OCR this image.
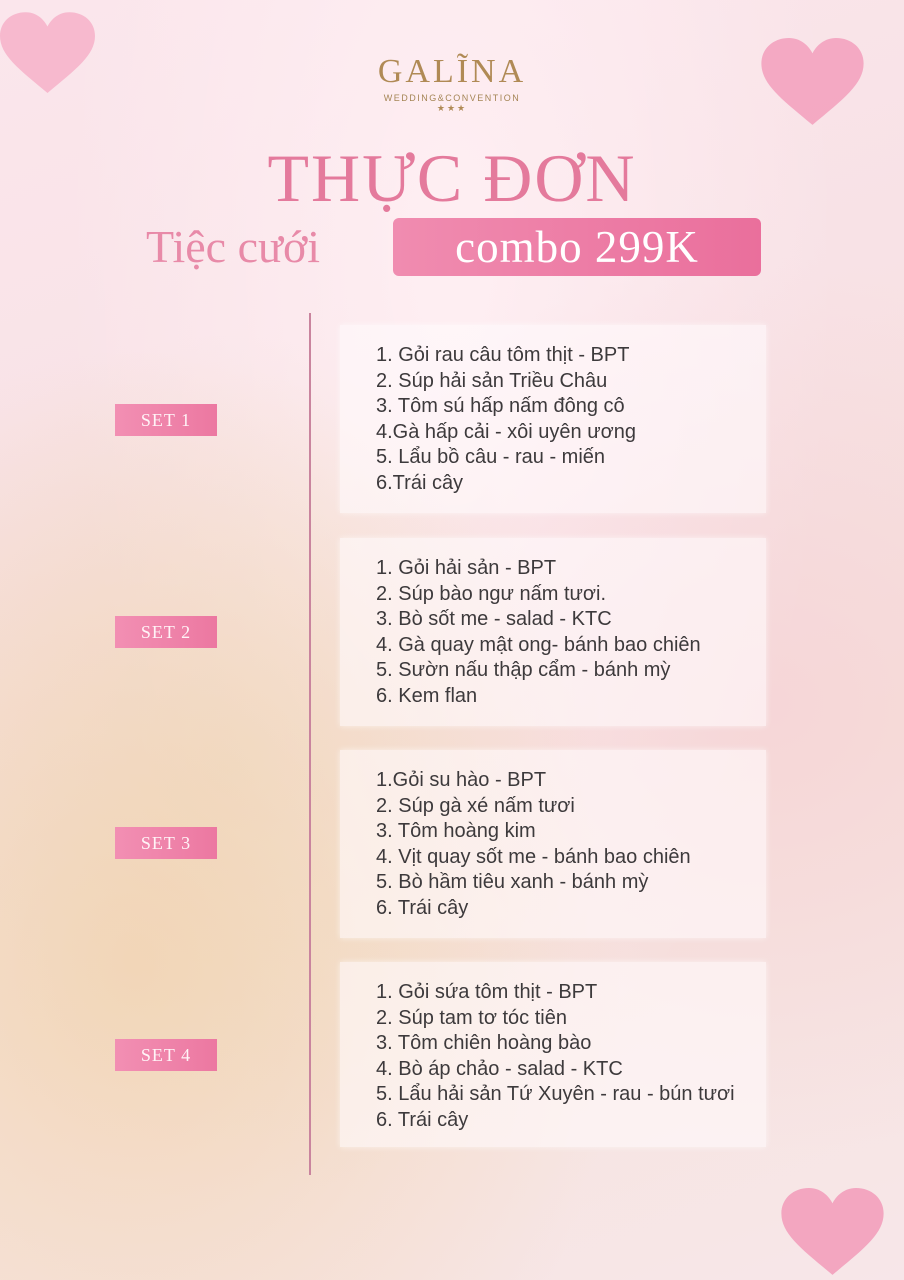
GALĨNA
WEDDING&CONVENTION
★★★
THỰC ĐƠN
Tiệc cưới	combo 299K
SET 1
1. Gỏi rau câu tôm thịt - BPT
2. Súp hải sản Triều Châu
3. Tôm sú hấp nấm đông cô
4.Gà hấp cải - xôi uyên ương
5. Lẩu bồ câu - rau - miến
6.Trái cây
SET 2
1. Gỏi hải sản - BPT
2. Súp bào ngư nấm tươi.
3. Bò sốt me - salad - KTC
4. Gà quay mật ong- bánh bao chiên
5. Sườn nấu thập cẩm - bánh mỳ
6. Kem flan
SET 3
1.Gỏi su hào - BPT
2. Súp gà xé nấm tươi
3. Tôm hoàng kim
4. Vịt quay sốt me - bánh bao chiên
5. Bò hầm tiêu xanh - bánh mỳ
6. Trái cây
SET 4
1. Gỏi sứa tôm thịt - BPT
2. Súp tam tơ tóc tiên
3. Tôm chiên hoàng bào
4. Bò áp chảo - salad - KTC
5. Lẩu hải sản Tứ Xuyên - rau - bún tươi
6. Trái cây
